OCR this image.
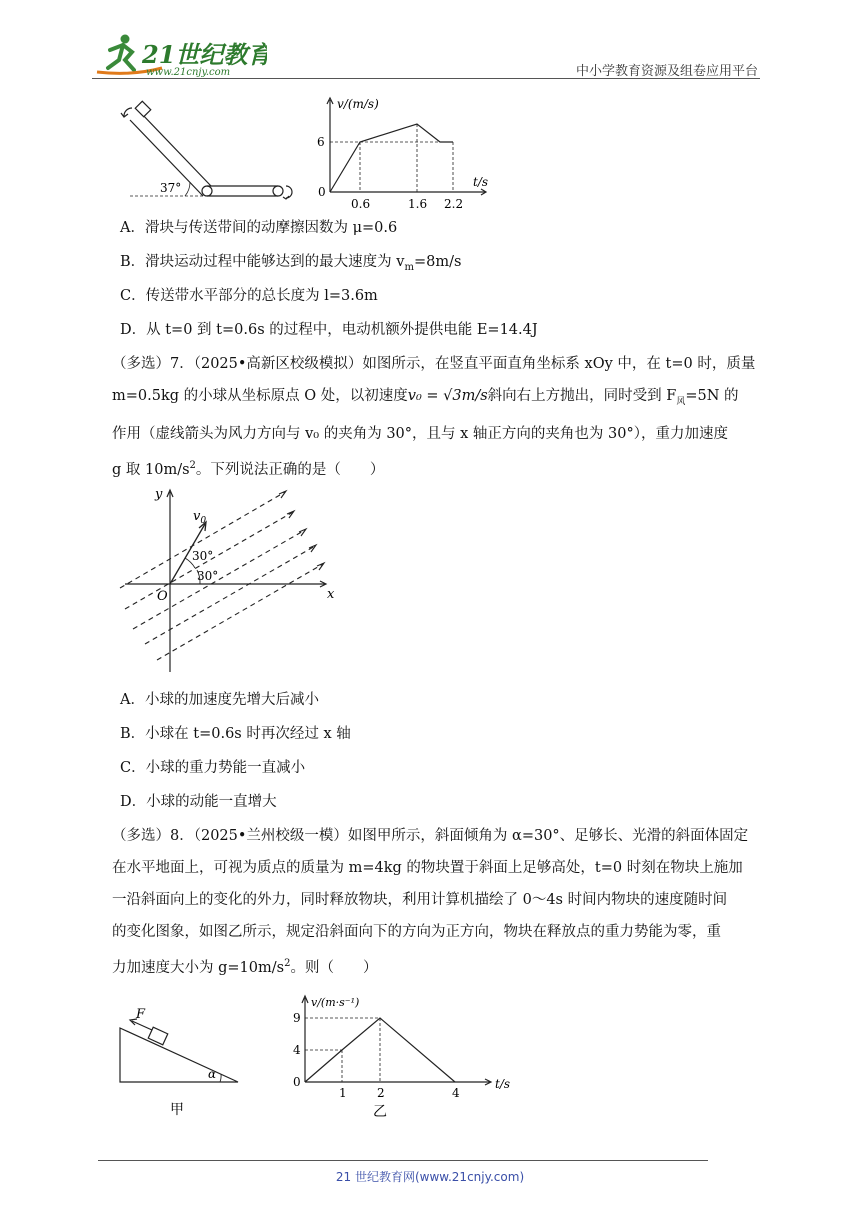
21世纪教育
www.21cnjy.com	中小学教育资源及组卷应用平台
37°
v/(m/s)
t/s
6
0
0.6	1.6 2.2
A．滑块与传送带间的动摩擦因数为 μ=0.6
B．滑块运动过程中能够达到的最大速度为 $v_m=8m/s$
C．传送带水平部分的总长度为 l=3.6m
D．从 t=0 到 t=0.6s 的过程中，电动机额外提供电能 E=14.4J

（多选）7．（2025•高新区校级模拟）如图所示，在竖直平面直角坐标系 xOy 中，在 t=0 时，质量

m=0.5kg 的小球从坐标原点 O 处，以初速度v₀ = √3m/s斜向右上方抛出，同时受到 $F_风=5N$ 的

作用（虚线箭头为风力方向与 v₀ 的夹角为 30°，且与 x 轴正方向的夹角也为 30°），重力加速度

g 取 $10m/s^2$。下列说法正确的是（　　）

y
x
O
$v_0$
30°
30°
A．小球的加速度先增大后减小
B．小球在 t=0.6s 时再次经过 x 轴
C．小球的重力势能一直减小
D．小球的动能一直增大

（多选）8．（2025•兰州校级一模）如图甲所示，斜面倾角为 α=30°、足够长、光滑的斜面体固定

在水平地面上，可视为质点的质量为 m=4kg 的物块置于斜面上足够高处，t=0 时刻在物块上施加

一沿斜面向上的变化的外力，同时释放物块，利用计算机描绘了 0～4s 时间内物块的速度随时间

的变化图象，如图乙所示，规定沿斜面向下的方向为正方向，物块在释放点的重力势能为零，重

力加速度大小为 $g=10m/s^2$。则（　　）

F
α
甲
v/(m·s⁻¹)
t/s
9
4
0
1	2	4
乙
21 世纪教育网(www.21cnjy.com)
